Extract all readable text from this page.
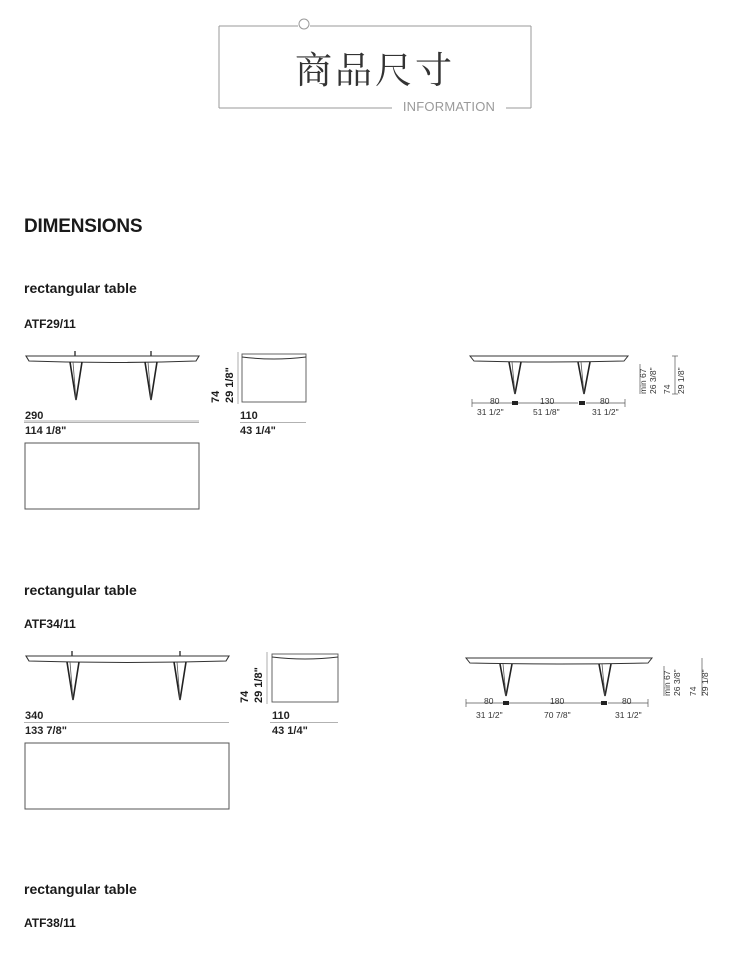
商品尺寸
INFORMATION
DIMENSIONS
rectangular table
ATF29/11
290
114 1/8"
74 29 1/8"
110
43 1/4"
80
31 1/2"
130
51 1/8"
80
31 1/2"
min 67 26 3/8" 74 29 1/8"
rectangular table
ATF34/11
340
133 7/8"
74 29 1/8"
110
43 1/4"
80
31 1/2"
180
70 7/8"
80
31 1/2"
min 67 26 3/8" 74 29 1/8"
rectangular table
ATF38/11
